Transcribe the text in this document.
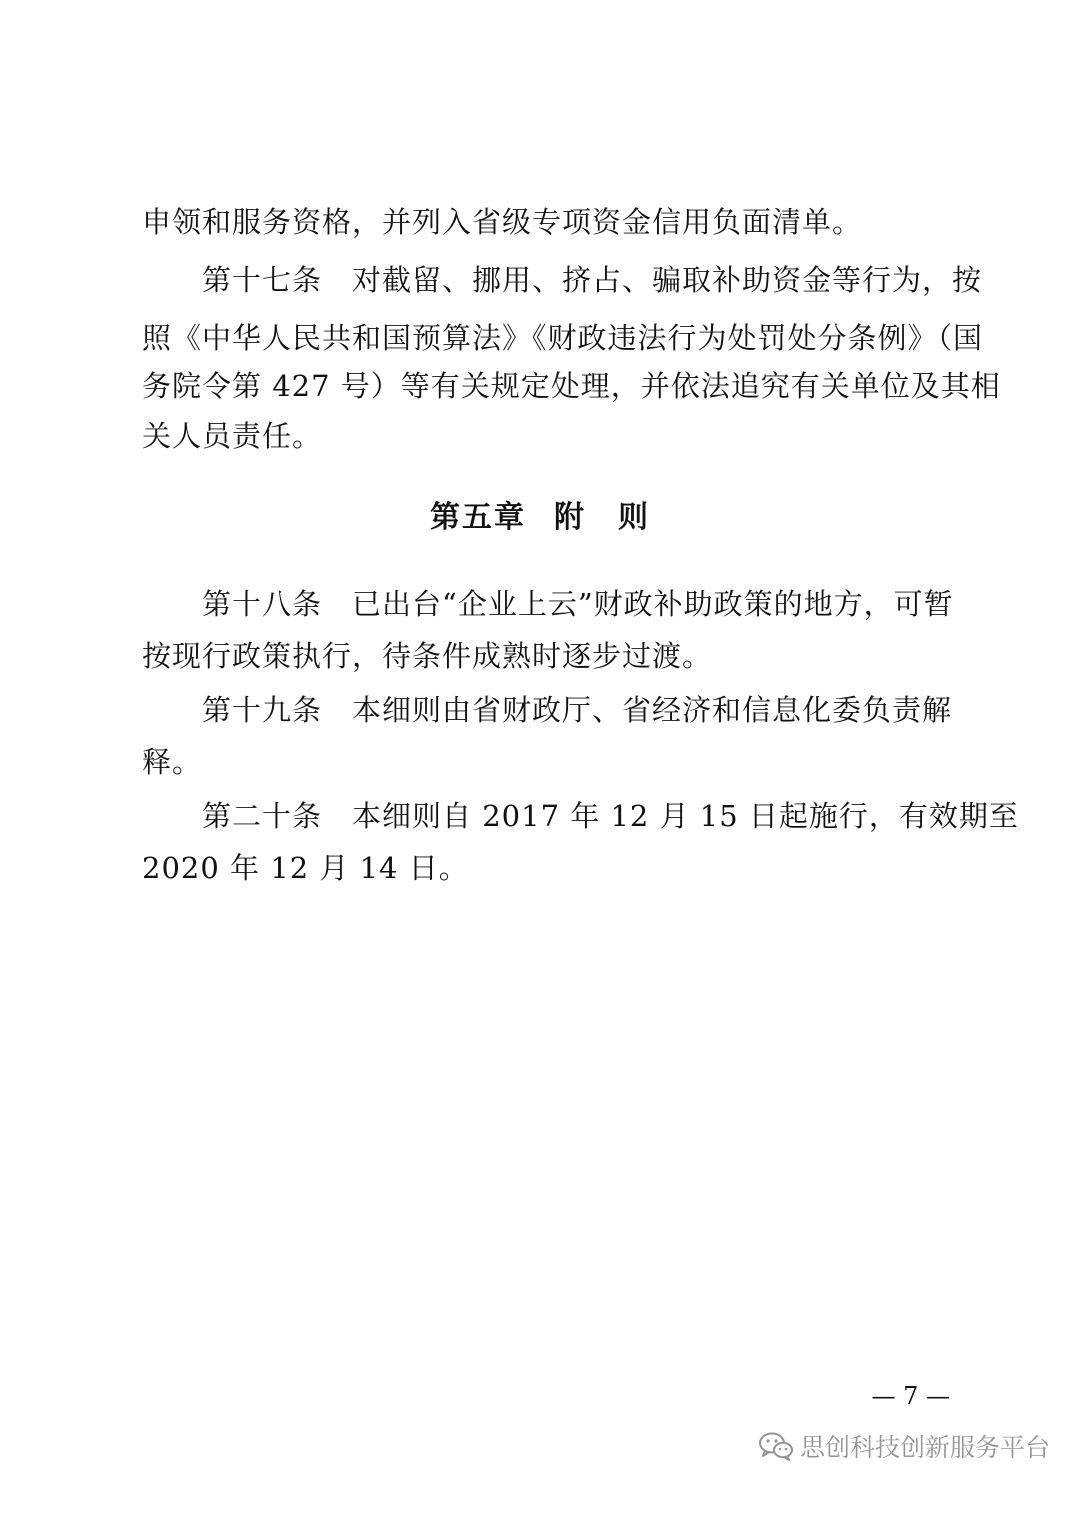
申领和服务资格，并列入省级专项资金信用负面清单。
第十七条　对截留、挪用、挤占、骗取补助资金等行为，按
照《中华人民共和国预算法》《财政违法行为处罚处分条例》（国
务院令第 427 号）等有关规定处理，并依法追究有关单位及其相
关人员责任。
第五章 附　则
第十八条　已出台“企业上云”财政补助政策的地方，可暂
按现行政策执行，待条件成熟时逐步过渡。
第十九条　本细则由省财政厅、省经济和信息化委负责解
释。
第二十条　本细则自 2017 年 12 月 15 日起施行，有效期至
2020 年 12 月 14 日。
— 7 —
思创科技创新服务平台
